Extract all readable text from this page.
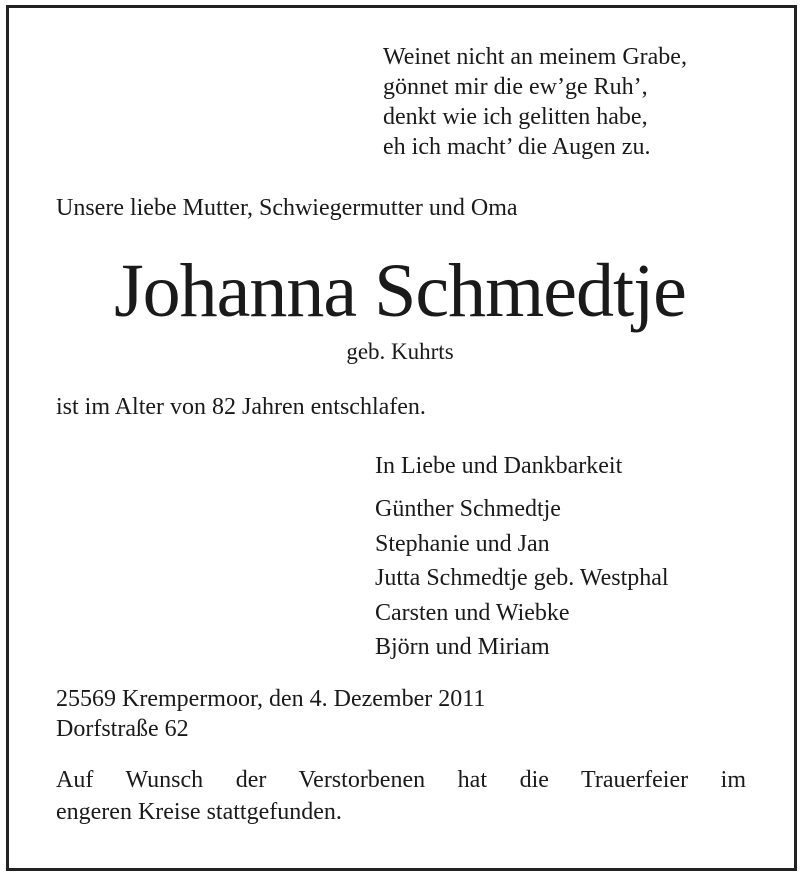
Weinet nicht an meinem Grabe,
gönnet mir die ew’ge Ruh’,
denkt wie ich gelitten habe,
eh ich macht’ die Augen zu.
Unsere liebe Mutter, Schwiegermutter und Oma
Johanna Schmedtje
geb. Kuhrts
ist im Alter von 82 Jahren entschlafen.
In Liebe und Dankbarkeit
Günther Schmedtje
Stephanie und Jan
Jutta Schmedtje geb. Westphal
Carsten und Wiebke
Björn und Miriam
25569 Krempermoor, den 4. Dezember 2011
Dorfstraße 62
Auf Wunsch der Verstorbenen hat die Trauerfeier im
engeren Kreise stattgefunden.
